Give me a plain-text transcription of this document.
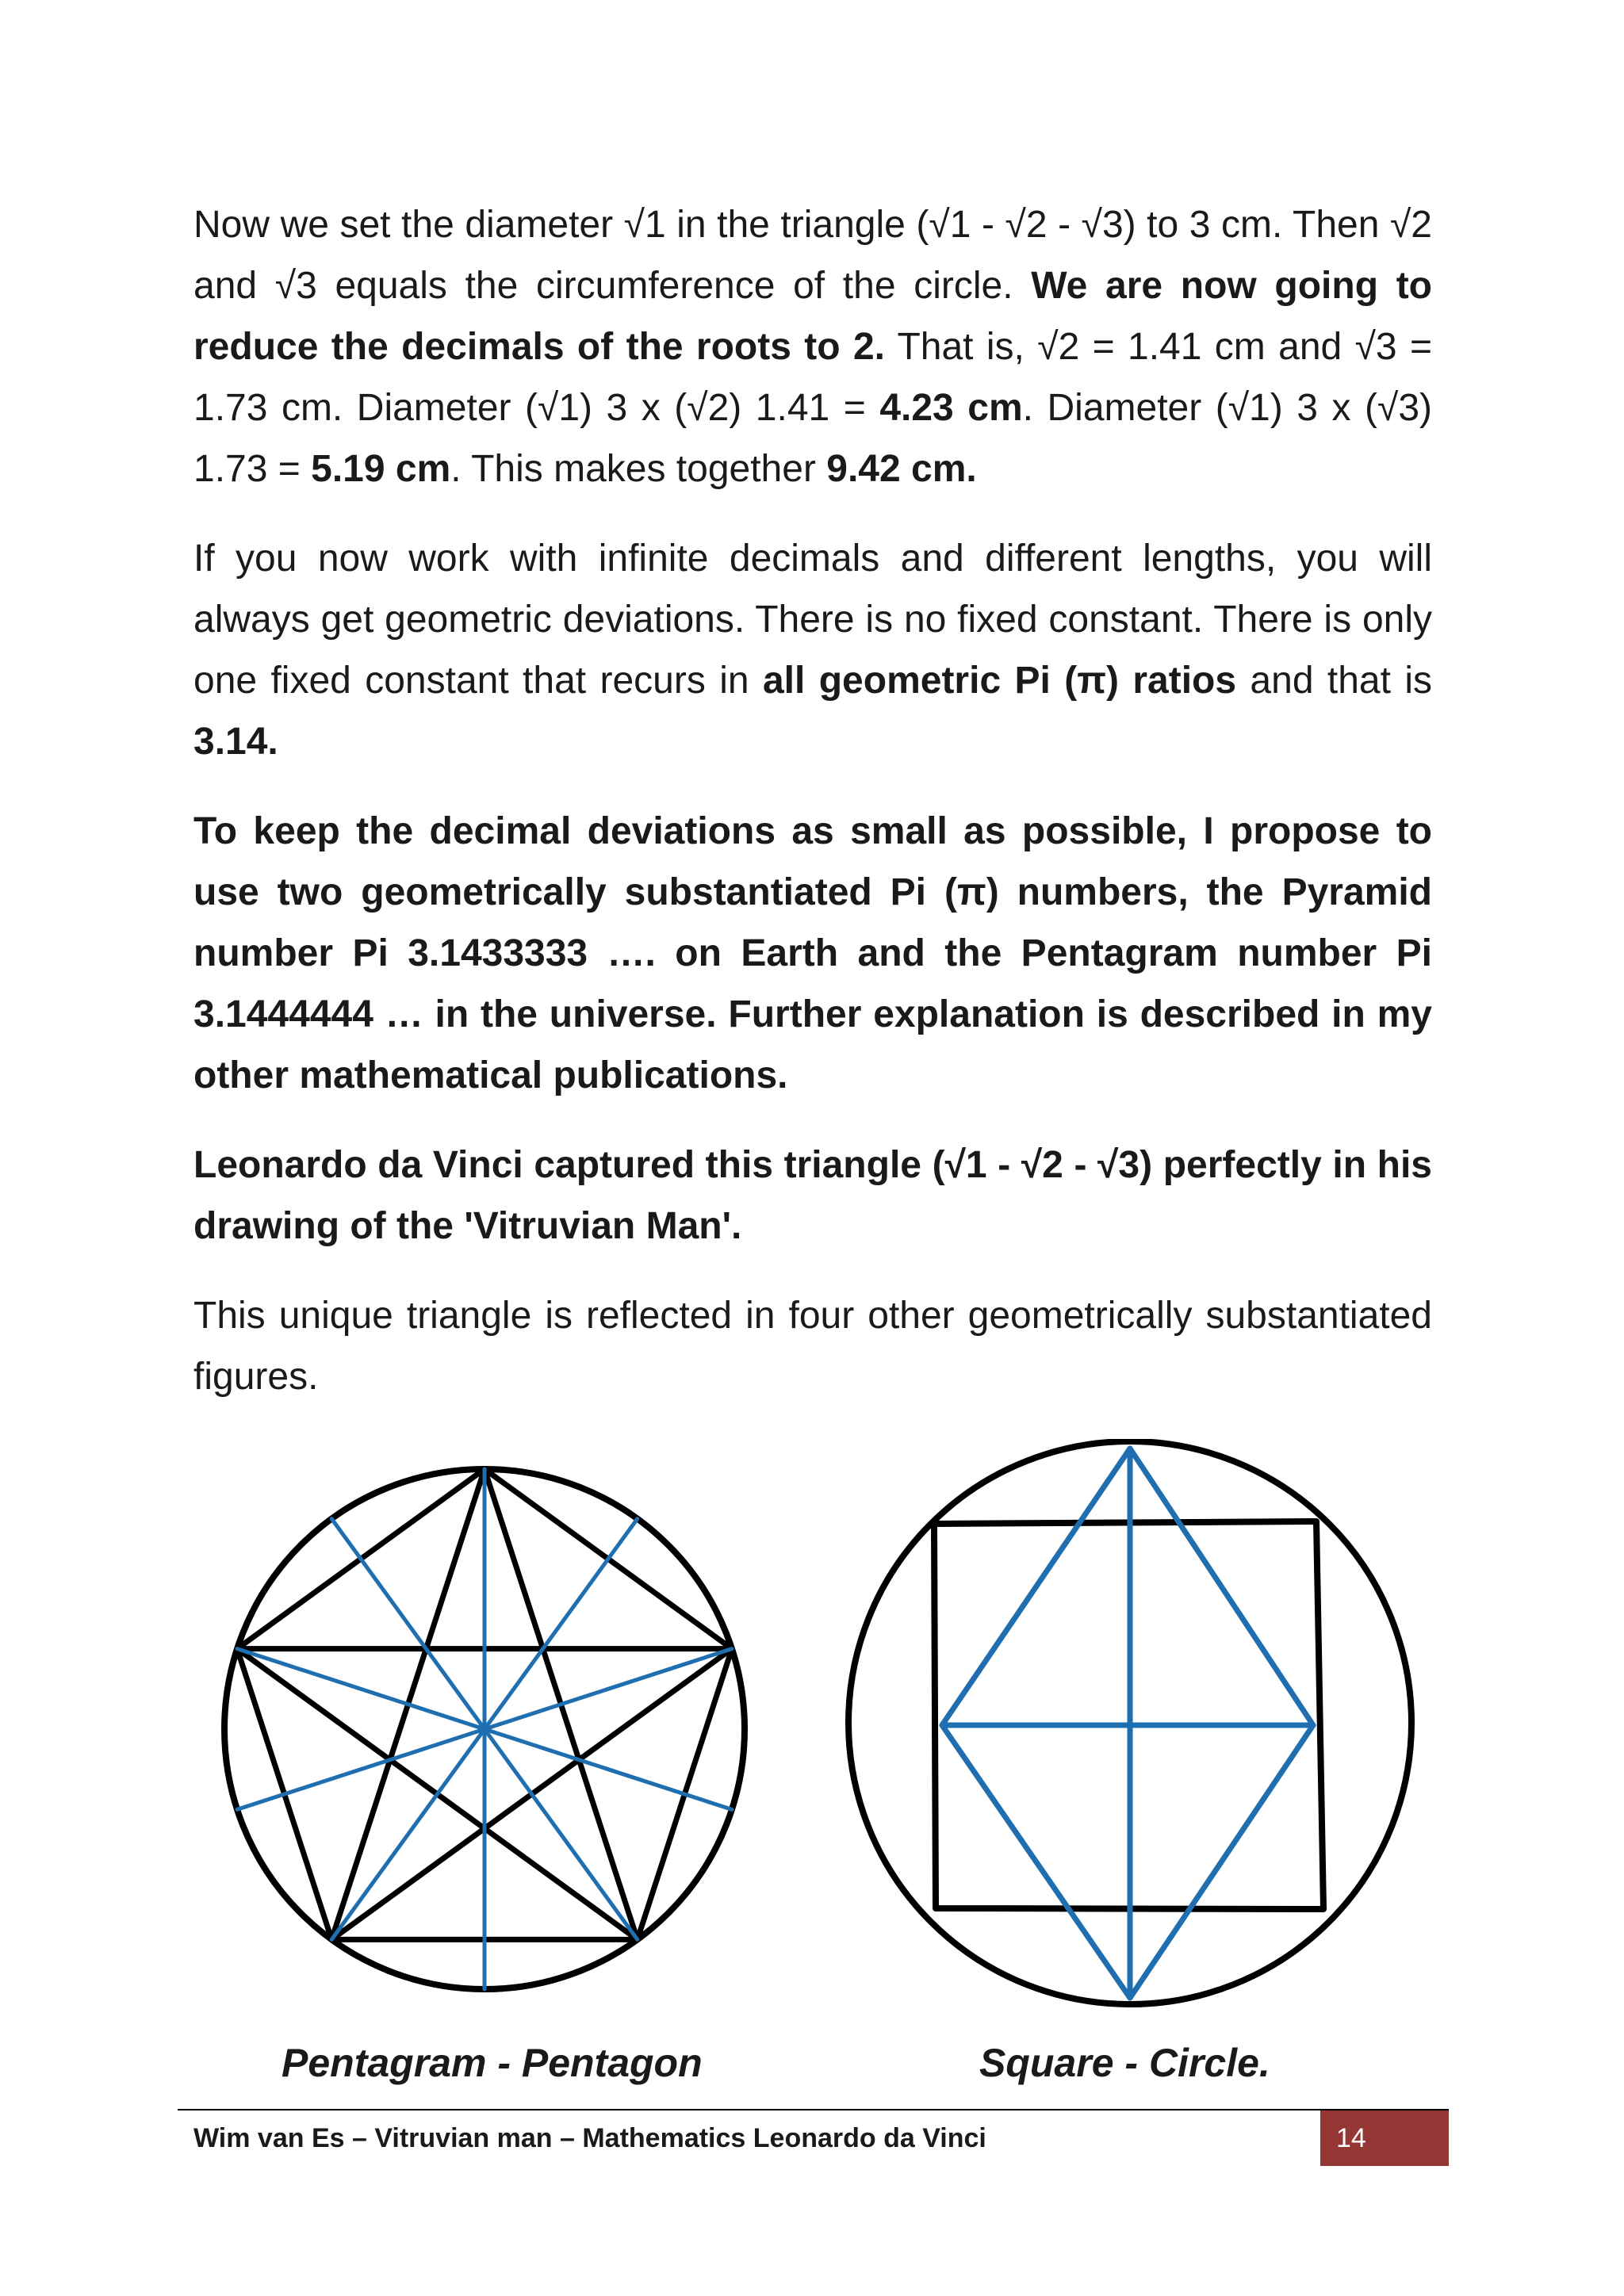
Now we set the diameter √1 in the triangle (√1 - √2 - √3) to 3 cm. Then √2 and √3 equals the circumference of the circle. We are now going to reduce the decimals of the roots to 2. That is, √2 = 1.41 cm and √3 = 1.73 cm. Diameter (√1) 3 x (√2) 1.41 = 4.23 cm. Diameter (√1) 3 x (√3) 1.73 = 5.19 cm. This makes together 9.42 cm.

If you now work with infinite decimals and different lengths, you will always get geometric deviations. There is no fixed constant. There is only one fixed constant that recurs in all geometric Pi (π) ratios and that is 3.14.

To keep the decimal deviations as small as possible, I propose to use two geometrically substantiated Pi (π) numbers, the Pyramid number Pi 3.1433333 …. on Earth and the Pentagram number Pi 3.1444444 … in the universe. Further explanation is described in my other mathematical publications.

Leonardo da Vinci captured this triangle (√1 - √2 - √3) perfectly in his drawing of the 'Vitruvian Man'.

This unique triangle is reflected in four other geometrically substantiated figures.

Pentagram - Pentagon	Square - Circle.
Wim van Es – Vitruvian man – Mathematics Leonardo da Vinci	14
